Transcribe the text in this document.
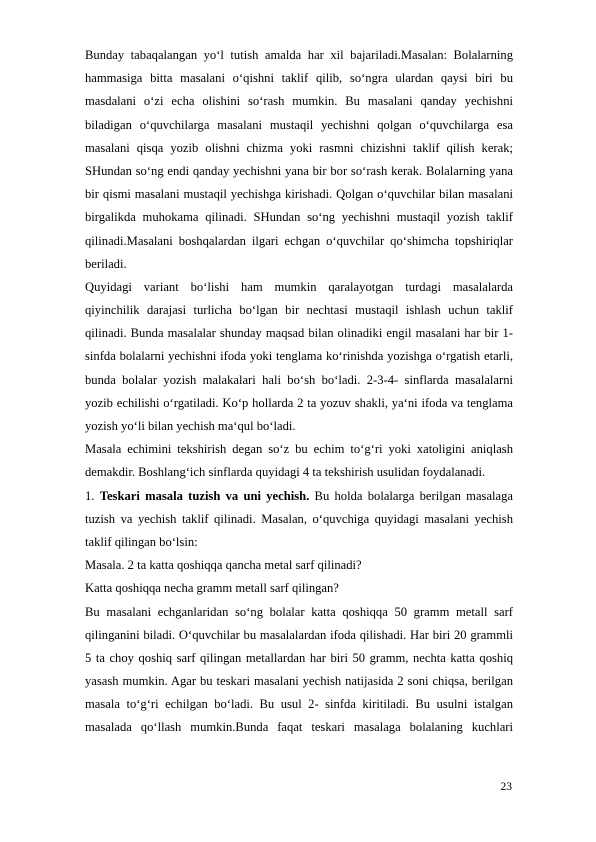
Bunday tabaqalangan yo‘l tutish amalda har xil bajariladi.Masalan: Bolalarning
hammasiga bitta masalani o‘qishni taklif qilib, so‘ngra ulardan qaysi biri bu
masdalani o‘zi echa olishini so‘rash mumkin. Bu masalani qanday yechishni
biladigan o‘quvchilarga masalani mustaqil yechishni qolgan o‘quvchilarga esa
masalani qisqa yozib olishni chizma yoki rasmni chizishni taklif qilish kerak;
SHundan so‘ng endi qanday yechishni yana bir bor so‘rash kerak. Bolalarning yana
bir qismi masalani mustaqil yechishga kirishadi. Qolgan o‘quvchilar bilan masalani
birgalikda muhokama qilinadi. SHundan so‘ng yechishni mustaqil yozish taklif
qilinadi.Masalani boshqalardan ilgari echgan o‘quvchilar qo‘shimcha topshiriqlar
beriladi.
Quyidagi variant bo‘lishi ham mumkin qaralayotgan turdagi masalalarda
qiyinchilik darajasi turlicha bo‘lgan bir nechtasi mustaqil ishlash uchun taklif
qilinadi. Bunda masalalar shunday maqsad bilan olinadiki engil masalani har bir 1-
sinfda bolalarni yechishni ifoda yoki tenglama ko‘rinishda yozishga o‘rgatish etarli,
bunda bolalar yozish malakalari hali bo‘sh bo‘ladi. 2-3-4- sinflarda masalalarni
yozib echilishi o‘rgatiladi. Ko‘p hollarda 2 ta yozuv shakli, ya‘ni ifoda va tenglama
yozish yo‘li bilan yechish ma‘qul bo‘ladi.
Masala echimini tekshirish degan so‘z bu echim to‘g‘ri yoki xatoligini aniqlash
demakdir. Boshlang‘ich sinflarda quyidagi 4 ta tekshirish usulidan foydalanadi.
1. Teskari masala tuzish va uni yechish. Bu holda bolalarga berilgan masalaga
tuzish va yechish taklif qilinadi. Masalan, o‘quvchiga quyidagi masalani yechish
taklif qilingan bo‘lsin:
Masala. 2 ta katta qoshiqqa qancha metal sarf qilinadi?
Katta qoshiqqa necha gramm metall sarf qilingan?
Bu masalani echganlaridan so‘ng bolalar katta qoshiqqa 50 gramm metall sarf
qilinganini biladi. O‘quvchilar bu masalalardan ifoda qilishadi. Har biri 20 grammli
5 ta choy qoshiq sarf qilingan metallardan har biri 50 gramm, nechta katta qoshiq
yasash mumkin. Agar bu teskari masalani yechish natijasida 2 soni chiqsa, berilgan
masala to‘g‘ri echilgan bo‘ladi. Bu usul 2- sinfda kiritiladi. Bu usulni istalgan
masalada qo‘llash mumkin.Bunda faqat teskari masalaga bolalaning kuchlari
23
